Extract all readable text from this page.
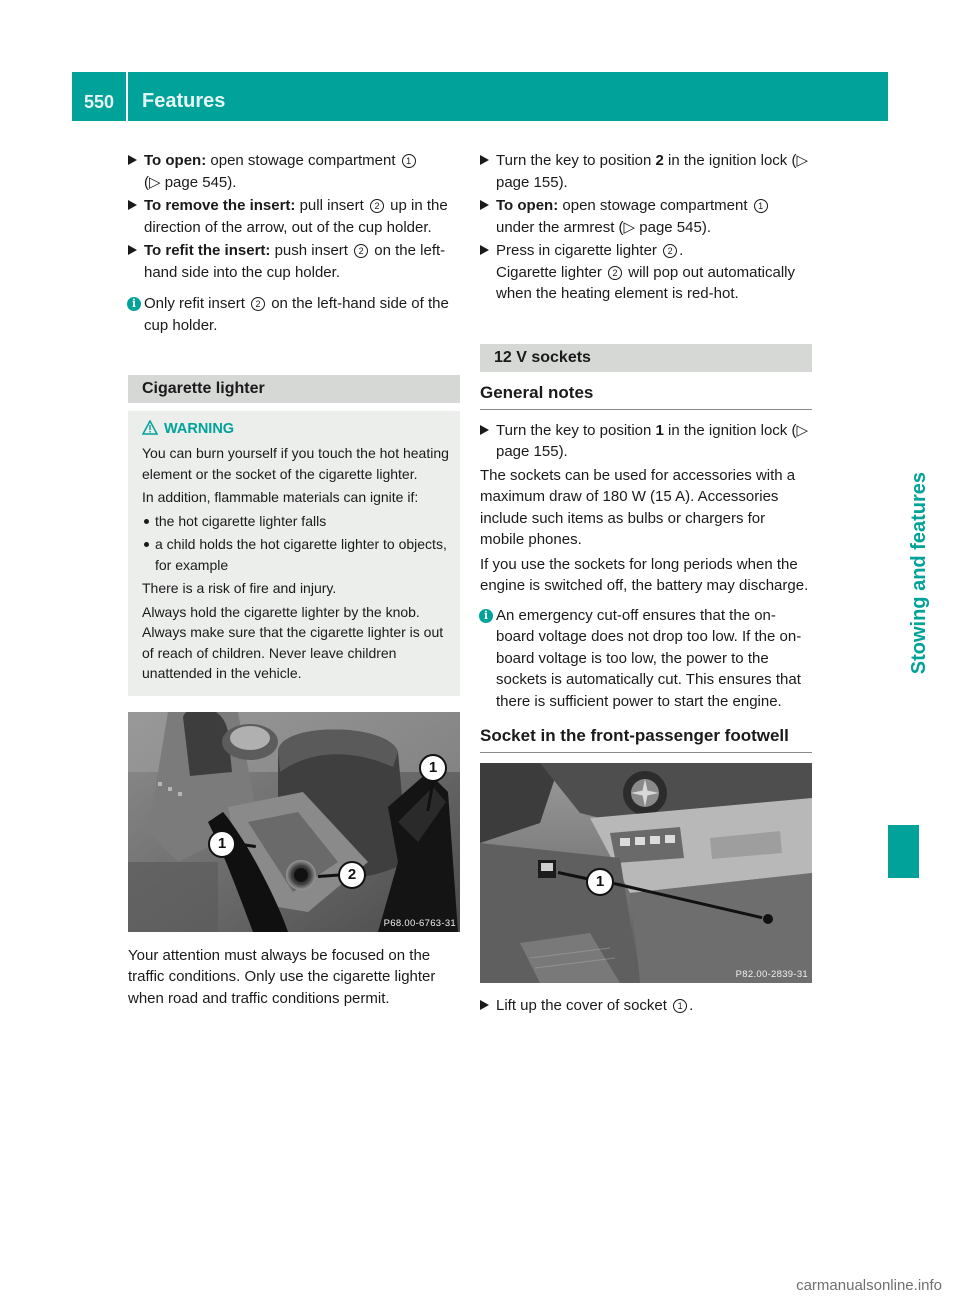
550 Features
Stowing and features
To open: open stowage compartment 1
(▷ page 545).
To remove the insert: pull insert 2 up in the direction of the arrow, out of the cup holder.
To refit the insert: push insert 2 on the left-hand side into the cup holder.
i Only refit insert 2 on the left-hand side of the cup holder.
Cigarette lighter
WARNING

You can burn yourself if you touch the hot heating element or the socket of the cigarette lighter.

In addition, flammable materials can ignite if:

the hot cigarette lighter falls
a child holds the hot cigarette lighter to objects, for example

There is a risk of fire and injury.

Always hold the cigarette lighter by the knob. Always make sure that the cigarette lighter is out of reach of children. Never leave children unattended in the vehicle.

1
2
1
P68.00-6763-31

Your attention must always be focused on the traffic conditions. Only use the cigarette lighter when road and traffic conditions permit.

Turn the key to position 2 in the ignition lock (▷ page 155).
To open: open stowage compartment 1 under the armrest (▷ page 545).
Press in cigarette lighter 2 .
Cigarette lighter 2 will pop out automatically when the heating element is red-hot.
12 V sockets
General notes
Turn the key to position 1 in the ignition lock (▷ page 155).

The sockets can be used for accessories with a maximum draw of 180 W (15 A). Accessories include such items as bulbs or chargers for mobile phones.

If you use the sockets for long periods when the engine is switched off, the battery may discharge.

i An emergency cut-off ensures that the on-board voltage does not drop too low. If the on-board voltage is too low, the power to the sockets is automatically cut. This ensures that there is sufficient power to start the engine.
Socket in the front-passenger footwell
1
P82.00-2839-31
Lift up the cover of socket 1 .
carmanualsonline.info
